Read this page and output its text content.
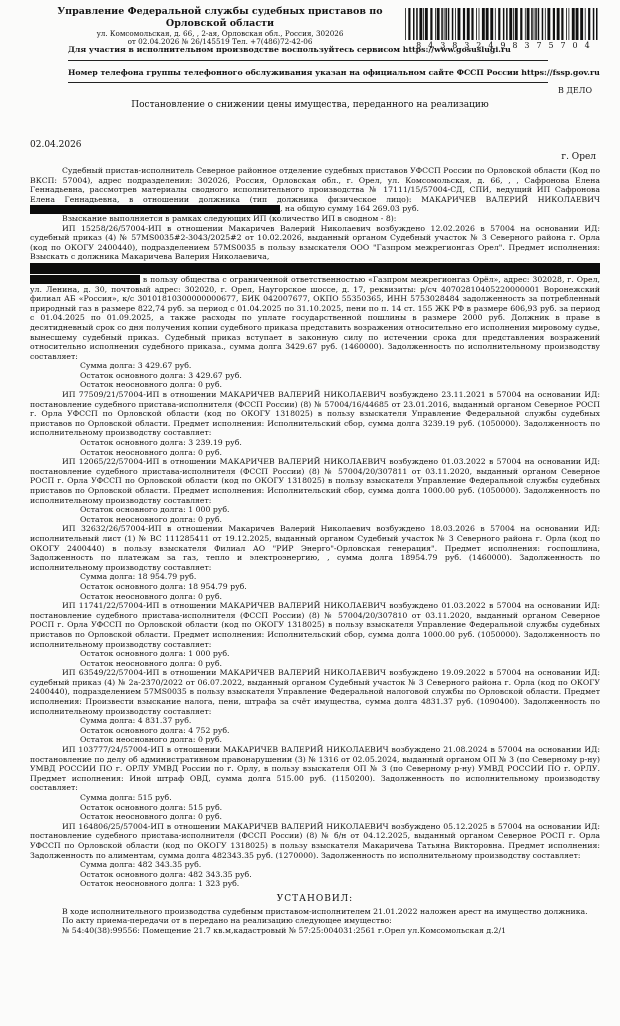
Управление Федеральной службы судебных приставов по Орловской области
ул. Комсомольская, д. 66, , 2-ая, Орловская обл., Россия, 302026
от 02.04.2026 № 26/145519 Тел. +7(486)72-42-06	8 4 3 8 3 2 4 9 8 3 7 5 7 0 4
Для участия в исполнительном производстве воспользуйтесь сервисом https://www.gosuslugi.ru
Номер телефона группы телефонного обслуживания указан на официальном сайте ФССП России https://fssp.gov.ru
В ДЕЛО
Постановление о снижении цены имущества, переданного на реализацию
02.04.2026
г. Орел

Судебный пристав-исполнитель Северное районное отделение судебных приставов УФССП России по Орловской области (Код по ВКСП: 57004), адрес подразделения: 302026, Россия, Орловская обл., г. Орел, ул. Комсомольская, д. 66, , , Сафронова Елена Геннадьевна, рассмотрев материалы сводного исполнительного производства № 17111/15/57004-СД, СПИ, ведущий ИП Сафронова Елена Геннадьевна, в отношении должника (тип должника физическое лицо): МАКАРИЧЕВ ВАЛЕРИЙ НИКОЛАЕВИЧ, на общую сумму 164 269.03 руб.

Взыскание выполняется в рамках следующих ИП (количество ИП в сводном - 8):

ИП 15258/26/57004-ИП в отношении Макаричев Валерий Николаевич возбуждено 12.02.2026 в 57004 на основании ИД: судебный приказ (4) № 57MS0035#2-3043/2025#2 от 10.02.2026, выданный органом Судебный участок № 3 Северного района г. Орла (код по ОКОГУ 2400440), подразделением 57MS0035 в пользу взыскателя ООО "Газпром межрегионгаз Орел". Предмет исполнения: Взыскать с должника Макаричева Валерия Николаевича,

в пользу общества с ограниченной ответственностью «Газпром межрегионгаз Орёл», адрес: 302028, г. Орел, ул. Ленина, д. 30, почтовый адрес: 302020, г. Орел, Наугорское шоссе, д. 17, реквизиты: р/сч 40702810405220000001 Воронежский филиал АБ «Россия», к/с 30101810300000000677, БИК 042007677, ОКПО 55350365, ИНН 5753028484 задолженность за потребленный природный газ в размере 822,74 руб. за период с 01.04.2025 по 31.10.2025, пени по п. 14 ст. 155 ЖК РФ в размере 606,93 руб. за период с 01.04.2025 по 01.09.2025, а также расходы по уплате государственной пошлины в размере 2000 руб. Должник в праве в десятидневный срок со дня получения копии судебного приказа представить возражения относительно его исполнения мировому судье, вынесшему судебный приказ. Судебный приказ вступает в законную силу по истечении срока для представления возражений относительно исполнения судебного приказа., сумма долга 3429.67 руб. (1460000). Задолженность по исполнительному производству составляет:

Сумма долга: 3 429.67 руб.

Остаток основного долга: 3 429.67 руб.

Остаток неосновного долга: 0 руб.

ИП 77509/21/57004-ИП в отношении МАКАРИЧЕВ ВАЛЕРИЙ НИКОЛАЕВИЧ возбуждено 23.11.2021 в 57004 на основании ИД: постановление судебного пристава-исполнителя (ФССП России) (8) № 57004/16/44685 от 23.01.2016, выданный органом Северное РОСП г. Орла УФССП по Орловской области (код по ОКОГУ 1318025) в пользу взыскателя Управление Федеральной службы судебных приставов по Орловской области. Предмет исполнения: Исполнительский сбор, сумма долга 3239.19 руб. (1050000). Задолженность по исполнительному производству составляет:

Остаток основного долга: 3 239.19 руб.

Остаток неосновного долга: 0 руб.

ИП 12065/22/57004-ИП в отношении МАКАРИЧЕВ ВАЛЕРИЙ НИКОЛАЕВИЧ возбуждено 01.03.2022 в 57004 на основании ИД: постановление судебного пристава-исполнителя (ФССП России) (8) № 57004/20/307811 от 03.11.2020, выданный органом Северное РОСП г. Орла УФССП по Орловской области (код по ОКОГУ 1318025) в пользу взыскателя Управление Федеральной службы судебных приставов по Орловской области. Предмет исполнения: Исполнительский сбор, сумма долга 1000.00 руб. (1050000). Задолженность по исполнительному производству составляет:

Остаток основного долга: 1 000 руб.

Остаток неосновного долга: 0 руб.

ИП 32632/26/57004-ИП в отношении Макаричев Валерий Николаевич возбуждено 18.03.2026 в 57004 на основании ИД: исполнительный лист (1) № ВС 111285411 от 19.12.2025, выданный органом Судебный участок № 3 Северного района г. Орла (код по ОКОГУ 2400440) в пользу взыскателя Филиал АО "РИР Энерго"-Орловская генерация". Предмет исполнения: госпошлина, Задолженность по платежам за газ, тепло и электроэнергию, , сумма долга 18954.79 руб. (1460000). Задолженность по исполнительному производству составляет:

Сумма долга: 18 954.79 руб.

Остаток основного долга: 18 954.79 руб.

Остаток неосновного долга: 0 руб.

ИП 11741/22/57004-ИП в отношении МАКАРИЧЕВ ВАЛЕРИЙ НИКОЛАЕВИЧ возбуждено 01.03.2022 в 57004 на основании ИД: постановление судебного пристава-исполнителя (ФССП России) (8) № 57004/20/307810 от 03.11.2020, выданный органом Северное РОСП г. Орла УФССП по Орловской области (код по ОКОГУ 1318025) в пользу взыскателя Управление Федеральной службы судебных приставов по Орловской области. Предмет исполнения: Исполнительский сбор, сумма долга 1000.00 руб. (1050000). Задолженность по исполнительному производству составляет:

Остаток основного долга: 1 000 руб.

Остаток неосновного долга: 0 руб.

ИП 63549/22/57004-ИП в отношении МАКАРИЧЕВ ВАЛЕРИЙ НИКОЛАЕВИЧ возбуждено 19.09.2022 в 57004 на основании ИД: судебный приказ (4) № 2а-2370/2022 от 06.07.2022, выданный органом Судебный участок № 3 Северного района г. Орла (код по ОКОГУ 2400440), подразделением 57MS0035 в пользу взыскателя Управление Федеральной налоговой службы по Орловской области. Предмет исполнения: Произвести взыскание налога, пени, штрафа за счёт имущества, сумма долга 4831.37 руб. (1090400). Задолженность по исполнительному производству составляет:

Сумма долга: 4 831.37 руб.

Остаток основного долга: 4 752 руб.

Остаток неосновного долга: 0 руб.

ИП 103777/24/57004-ИП в отношении МАКАРИЧЕВ ВАЛЕРИЙ НИКОЛАЕВИЧ возбуждено 21.08.2024 в 57004 на основании ИД: постановление по делу об административном правонарушении (3) № 1316 от 02.05.2024, выданный органом ОП № 3 (по Северному р-ну) УМВД РОССИИ ПО г. ОРЛУ УМВД России по г. Орлу, в пользу взыскателя ОП № 3 (по Северному р-ну) УМВД РОССИИ ПО г. ОРЛУ. Предмет исполнения: Иной штраф ОВД, сумма долга 515.00 руб. (1150200). Задолженность по исполнительному производству составляет:

Сумма долга: 515 руб.

Остаток основного долга: 515 руб.

Остаток неосновного долга: 0 руб.

ИП 164806/25/57004-ИП в отношении МАКАРИЧЕВ ВАЛЕРИЙ НИКОЛАЕВИЧ возбуждено 05.12.2025 в 57004 на основании ИД: постановление судебного пристава-исполнителя (ФССП России) (8) № б/н от 04.12.2025, выданный органом Северное РОСП г. Орла УФССП по Орловской области (код по ОКОГУ 1318025) в пользу взыскателя Макаричева Татьяна Викторовна. Предмет исполнения: Задолженность по алиментам, сумма долга 482343.35 руб. (1270000). Задолженность по исполнительному производству составляет:

Сумма долга: 482 343.35 руб.

Остаток основного долга: 482 343.35 руб.

Остаток неосновного долга: 1 323 руб.

УСТАНОВИЛ:

В ходе исполнительного производства судебным приставом-исполнителем 21.01.2022 наложен арест на имущество должника.

По акту приема-передачи от в передано на реализацию следующее имущество:

№ 54:40(38):99556: Помещение 21.7 кв.м,кадастровый № 57:25:004031:2561 г.Орел ул.Комсомольская д.2/1
